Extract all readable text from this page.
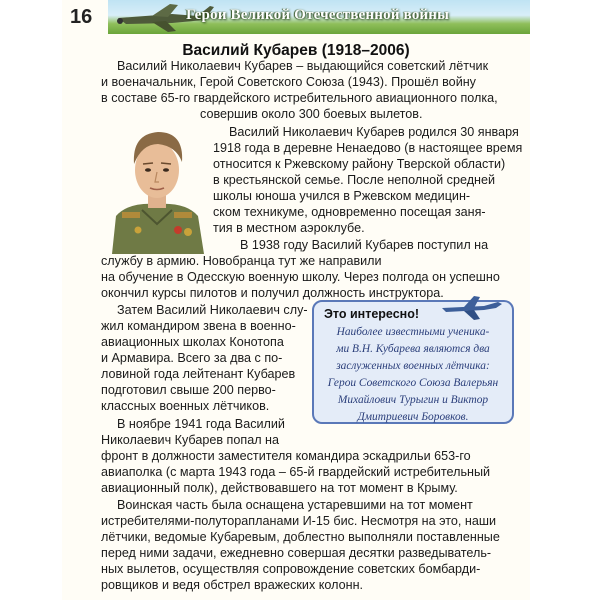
16	Герои Великой Отечественной войны
Василий Кубарев (1918–2006)
Василий Николаевич Кубарев – выдающийся советский лётчик
и военачальник, Герой Советского Союза (1943). Прошёл войну
в составе 65-го гвардейского истребительного авиационного полка,
совершив около 300 боевых вылетов.
Василий Николаевич Кубарев родился 30 января
1918 года в деревне Ненаедово (в настоящее время
относится к Ржевскому району Тверской области)
в крестьянской семье. После неполной средней
школы юноша учился в Ржевском медицин-
ском техникуме, одновременно посещая заня-
тия в местном аэроклубе.
В 1938 году Василий Кубарев поступил на
службу в армию. Новобранца тут же направили
на обучение в Одесскую военную школу. Через полгода он успешно
окончил курсы пилотов и получил должность инструктора.
Затем Василий Николаевич слу-
жил командиром звена в военно-
авиационных школах Конотопа
и Армавира. Всего за два с по-
ловиной года лейтенант Кубарев
подготовил свыше 200 перво-
классных военных лётчиков.
В ноябре 1941 года Василий
Николаевич Кубарев попал на
фронт в должности заместителя командира эскадрильи 653-го
авиаполка (с марта 1943 года – 65-й гвардейский истребительный
авиационный полк), действовавшего на тот момент в Крыму.
Воинская часть была оснащена устаревшими на тот момент
истребителями-полуторапланами И-15 бис. Несмотря на это, наши
лётчики, ведомые Кубаревым, доблестно выполняли поставленные
перед ними задачи, ежедневно совершая десятки разведыватель-
ных вылетов, осуществляя сопровождение советских бомбарди-
ровщиков и ведя обстрел вражеских колонн.
Это интересно!
Наиболее известными ученика-
ми В.Н. Кубарева являются два
заслуженных военных лётчика:
Герои Советского Союза Валерьян
Михайлович Турыгин и Виктор
Дмитриевич Боровков.
